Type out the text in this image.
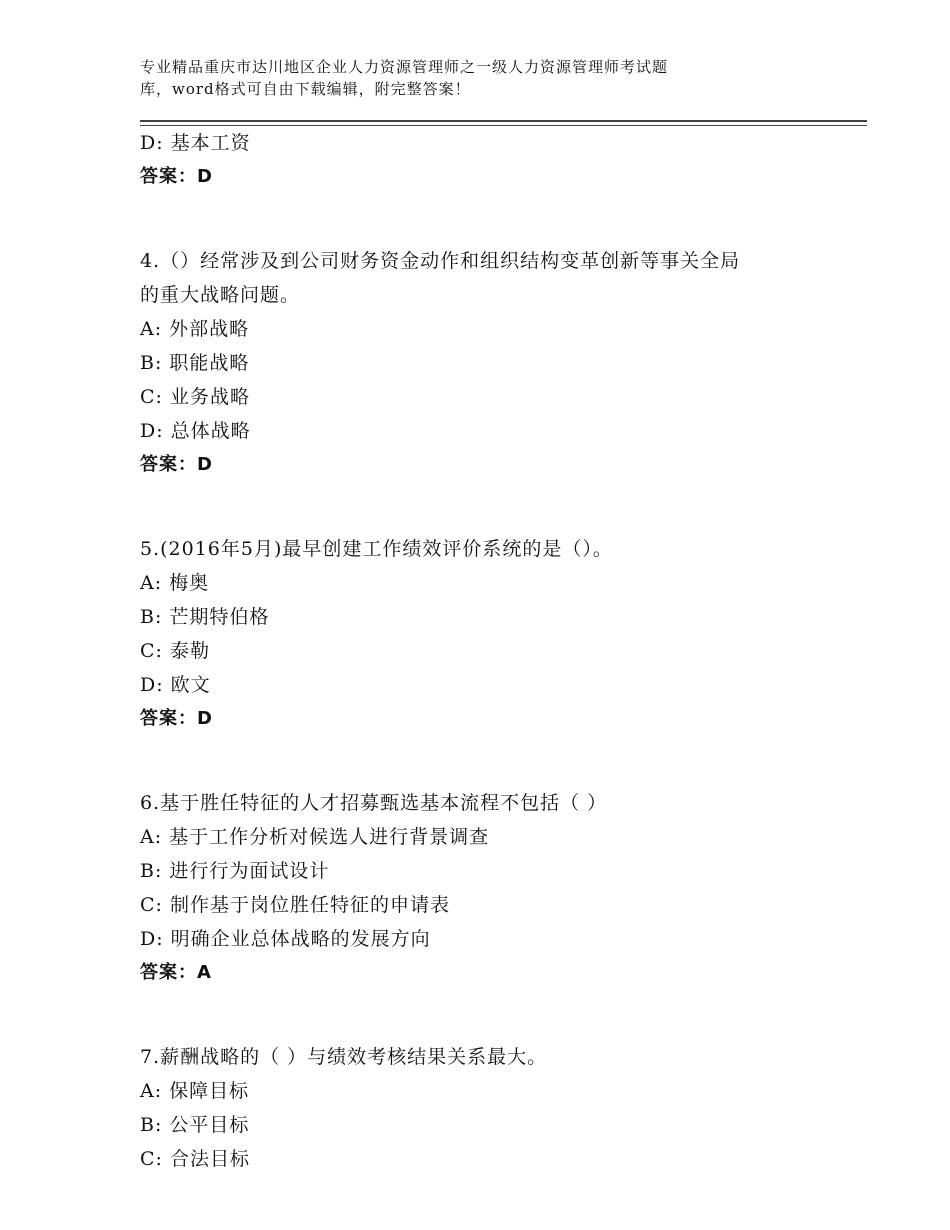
专业精品重庆市达川地区企业人力资源管理师之一级人力资源管理师考试题
库，word格式可自由下载编辑，附完整答案！
D: 基本工资
答案：D
4.（）经常涉及到公司财务资金动作和组织结构变革创新等事关全局
的重大战略问题。
A: 外部战略
B: 职能战略
C: 业务战略
D: 总体战略
答案：D
5.(2016年5月)最早创建工作绩效评价系统的是（）。
A: 梅奥
B: 芒期特伯格
C: 泰勒
D: 欧文
答案：D
6.基于胜任特征的人才招募甄选基本流程不包括（ ）
A: 基于工作分析对候选人进行背景调查
B: 进行行为面试设计
C: 制作基于岗位胜任特征的申请表
D: 明确企业总体战略的发展方向
答案：A
7.薪酬战略的（ ）与绩效考核结果关系最大。
A: 保障目标
B: 公平目标
C: 合法目标
